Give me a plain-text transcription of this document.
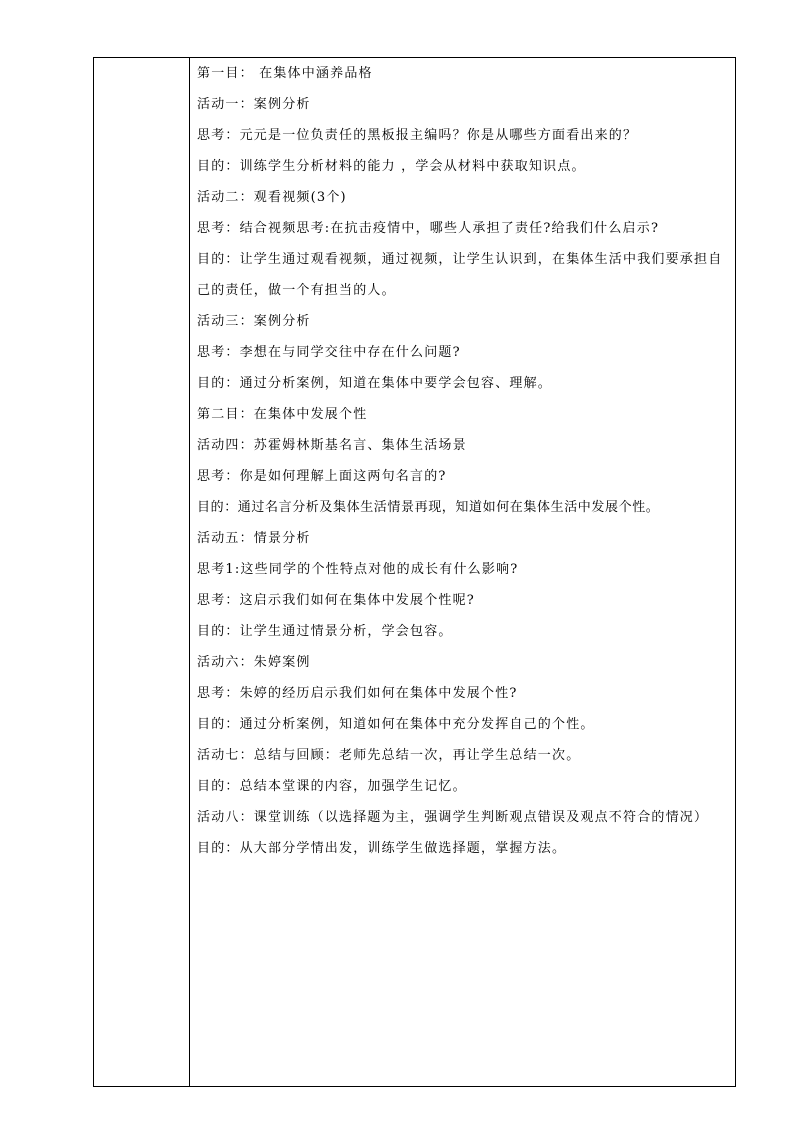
第一目： 在集体中涵养品格
活动一：案例分析
思考：元元是一位负责任的黑板报主编吗？你是从哪些方面看出来的？
目的：训练学生分析材料的能力 ，学会从材料中获取知识点。
活动二：观看视频(3个)
思考：结合视频思考:在抗击疫情中，哪些人承担了责任?给我们什么启示?
目的：让学生通过观看视频，通过视频，让学生认识到，在集体生活中我们要承担自己的责任，做一个有担当的人。
活动三：案例分析
思考：李想在与同学交往中存在什么问题?
目的：通过分析案例，知道在集体中要学会包容、理解。
第二目：在集体中发展个性
活动四：苏霍姆林斯基名言、集体生活场景
思考：你是如何理解上面这两句名言的?
目的：通过名言分析及集体生活情景再现，知道如何在集体生活中发展个性。
活动五：情景分析
思考1:这些同学的个性特点对他的成长有什么影响?
思考：这启示我们如何在集体中发展个性呢?
目的：让学生通过情景分析，学会包容。
活动六：朱婷案例
思考：朱婷的经历启示我们如何在集体中发展个性?
目的：通过分析案例，知道如何在集体中充分发挥自己的个性。
活动七：总结与回顾：老师先总结一次，再让学生总结一次。
目的：总结本堂课的内容，加强学生记忆。
活动八：课堂训练（以选择题为主，强调学生判断观点错误及观点不符合的情况）
目的：从大部分学情出发，训练学生做选择题，掌握方法。
